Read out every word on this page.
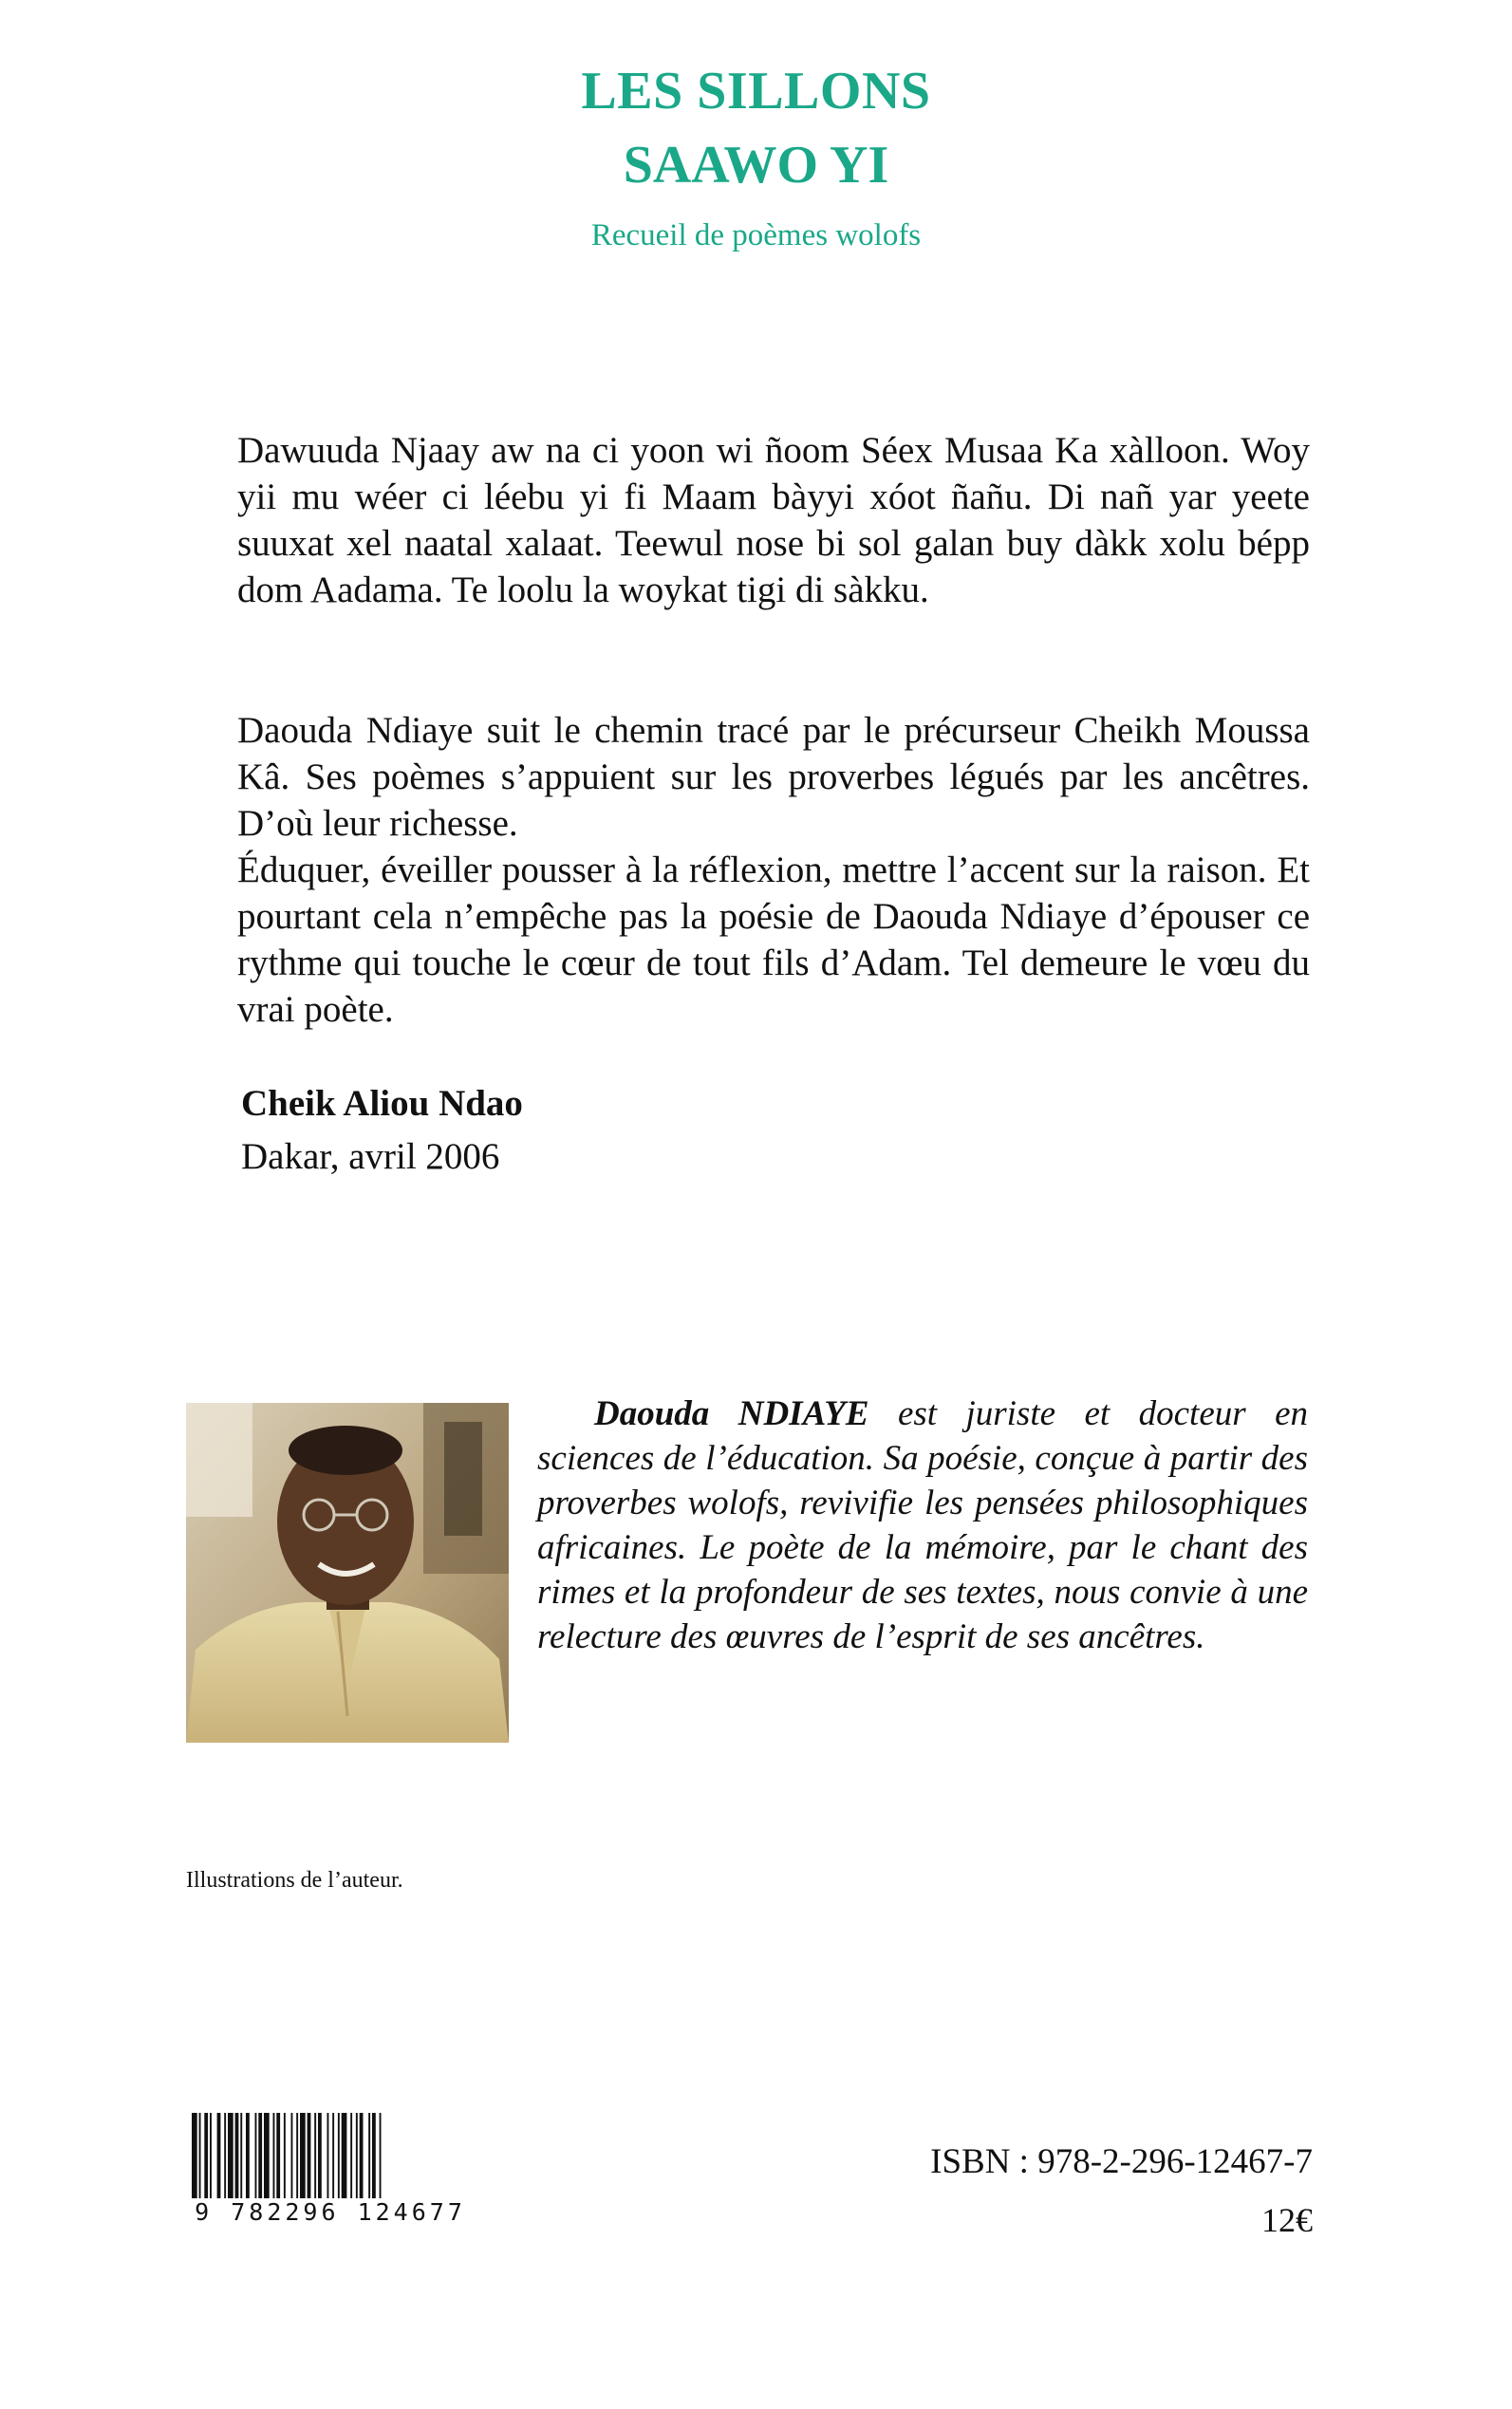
LES SILLONS
SAAWO YI
Recueil de poèmes wolofs

Dawuuda Njaay aw na ci yoon wi ñoom Séex Musaa Ka xàlloon. Woy yii mu wéer ci léebu yi fi Maam bàyyi xóot ñañu. Di nañ yar yeete suuxat xel naatal xalaat. Teewul nose bi sol galan buy dàkk xolu bépp dom Aadama. Te loolu la woykat tigi di sàkku.

Daouda Ndiaye suit le chemin tracé par le précurseur Cheikh Moussa Kâ. Ses poèmes s’appuient sur les proverbes légués par les ancêtres. D’où leur richesse.

Éduquer, éveiller pousser à la réflexion, mettre l’accent sur la raison. Et pourtant cela n’empêche pas la poésie de Daouda Ndiaye d’épouser ce rythme qui touche le cœur de tout fils d’Adam. Tel demeure le vœu du vrai poète.

Cheik Aliou Ndao
Dakar, avril 2006
Daouda NDIAYE est juriste et docteur en sciences de l’éducation. Sa poésie, conçue à partir des proverbes wolofs, revivifie les pensées philosophiques africaines. Le poète de la mémoire, par le chant des rimes et la profondeur de ses textes, nous convie à une relecture des œuvres de l’esprit de ses ancêtres.
Illustrations de l’auteur.
9 782296 124677
ISBN : 978-2-296-12467-7
12€
